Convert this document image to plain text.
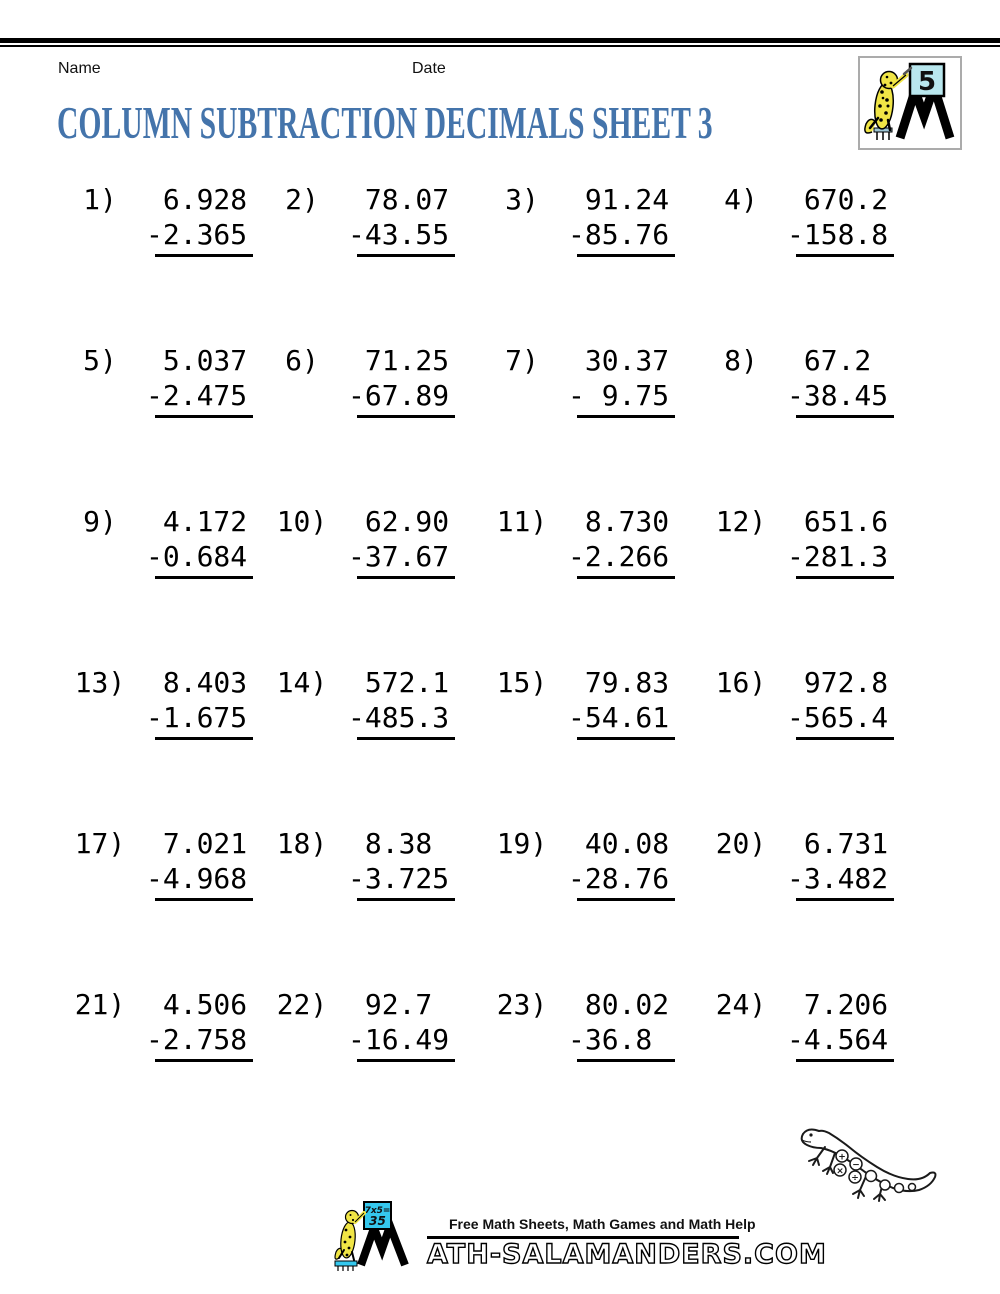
Name	Date	5
COLUMN SUBTRACTION DECIMALS SHEET 3
1)	6.928
-2.365
2)	78.07
-43.55
3)	91.24
-85.76
4)	670.2
-158.8
5)	5.037
-2.475
6)	71.25
-67.89
7)	30.37
- 9.75
8)	67.2
-38.45
9)	4.172
-0.684
10) 62.90
-37.67
11) 8.730
-2.266
12) 651.6
-281.3
13) 8.403
-1.675
14) 572.1
-485.3
15) 79.83
-54.61
16) 972.8
-565.4
17) 7.021
-4.968
18) 8.38
-3.725
19) 40.08
-28.76
20) 6.731
-3.482
21) 4.506
-2.758
22) 92.7
-16.49
23) 80.02
-36.8
24) 7.206
-4.564
+
×
−
÷
7x5=
35	Free Math Sheets, Math Games and Math Help
ATH-SALAMANDERS.COM
